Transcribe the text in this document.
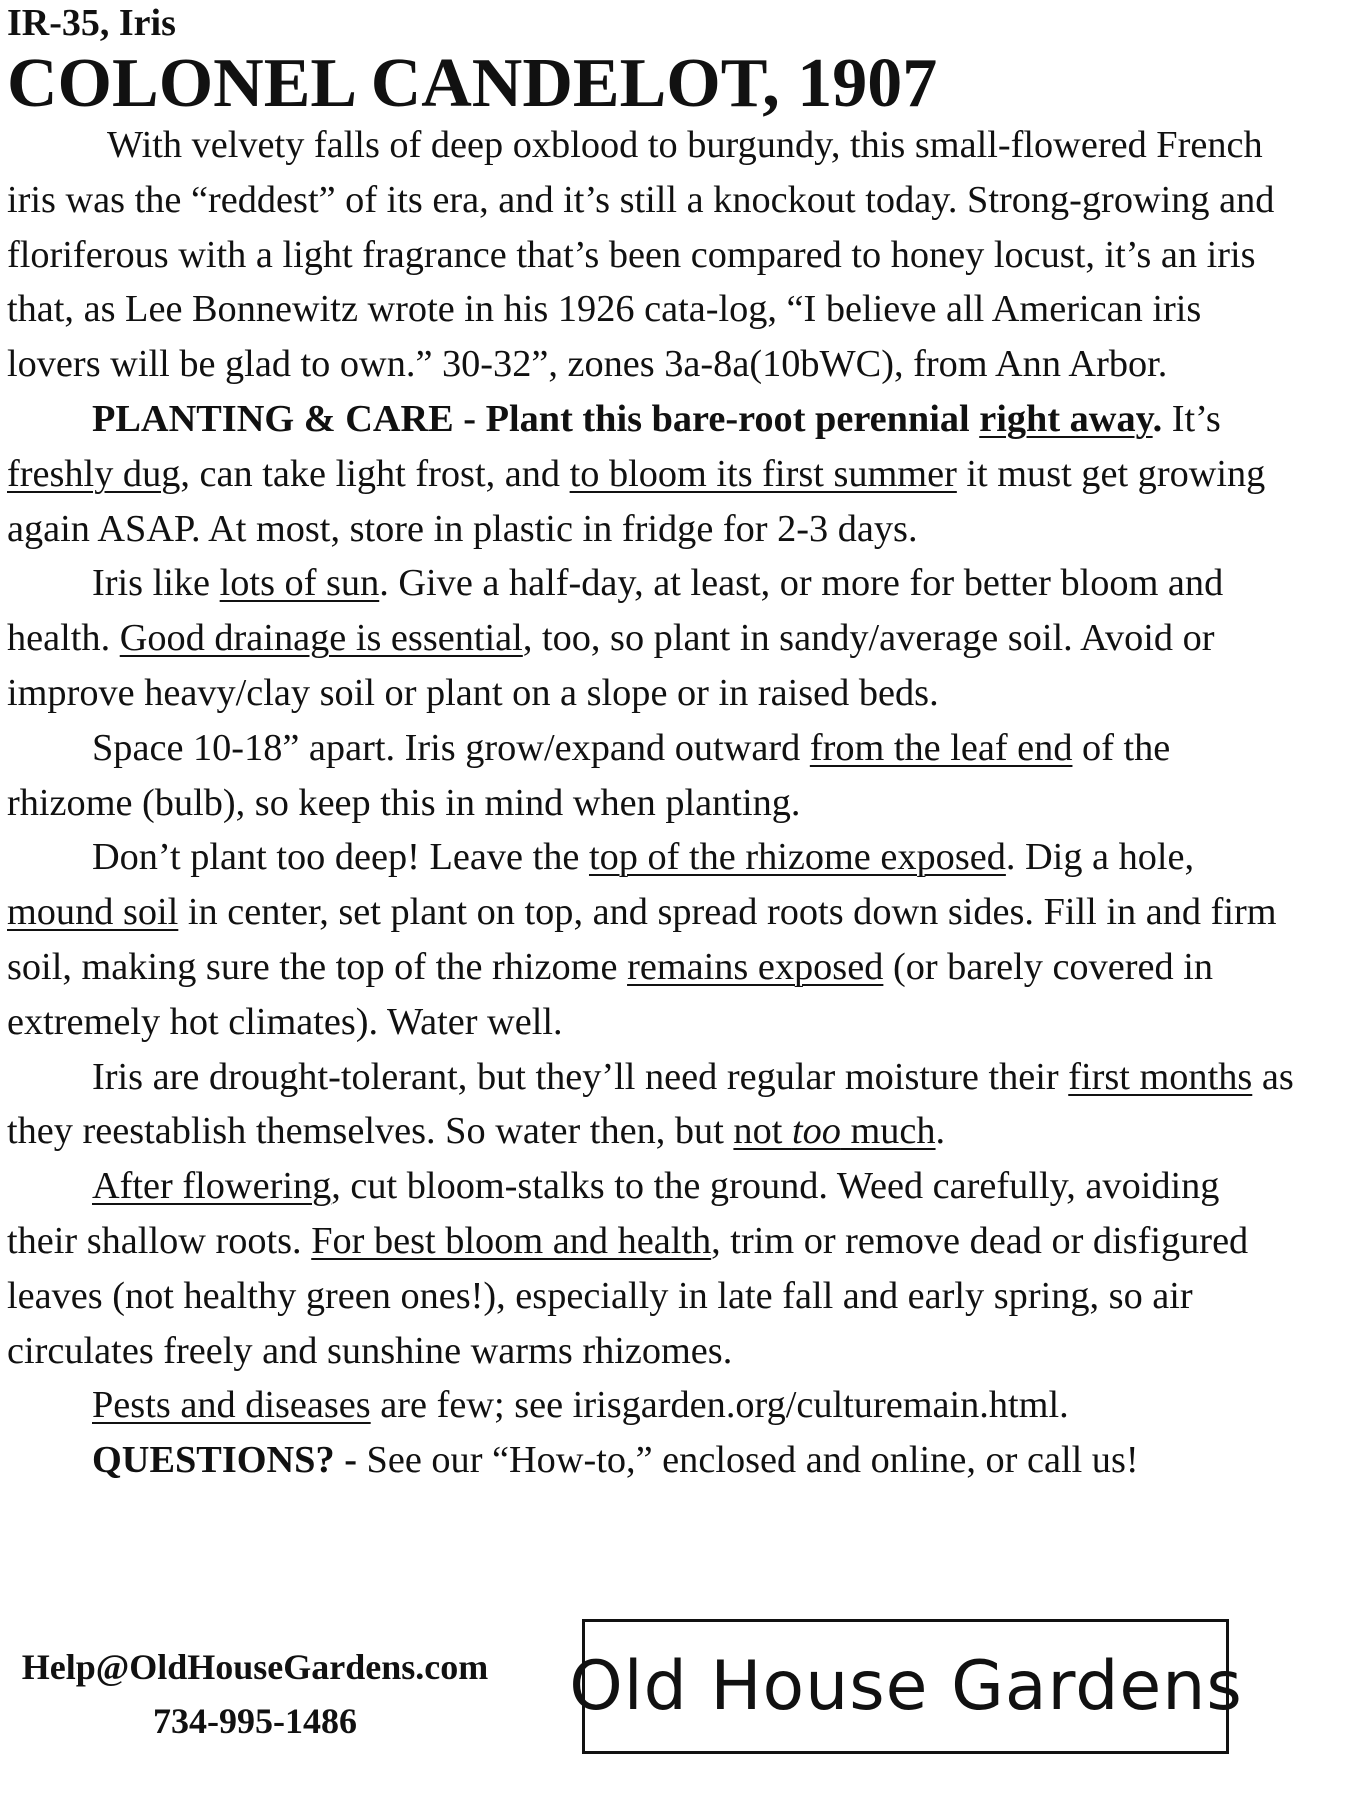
IR-35, Iris
COLONEL CANDELOT, 1907

With velvety falls of deep oxblood to burgundy, this small-flowered French iris was the “reddest” of its era, and it’s still a knockout today. Strong-growing and floriferous with a light fragrance that’s been compared to honey locust, it’s an iris that, as Lee Bonnewitz wrote in his 1926 cata-log, “I believe all American iris lovers will be glad to own.” 30-32”, zones 3a-8a(10bWC), from Ann Arbor.

PLANTING & CARE - Plant this bare-root perennial right away. It’s freshly dug, can take light frost, and to bloom its first summer it must get growing again ASAP. At most, store in plastic in fridge for 2-3 days.

Iris like lots of sun. Give a half-day, at least, or more for better bloom and health. Good drainage is essential, too, so plant in sandy/average soil. Avoid or improve heavy/clay soil or plant on a slope or in raised beds.

Space 10-18” apart. Iris grow/expand outward from the leaf end of the rhizome (bulb), so keep this in mind when planting.

Don’t plant too deep! Leave the top of the rhizome exposed. Dig a hole, mound soil in center, set plant on top, and spread roots down sides. Fill in and firm soil, making sure the top of the rhizome remains exposed (or barely covered in extremely hot climates). Water well.

Iris are drought-tolerant, but they’ll need regular moisture their first months as they reestablish themselves. So water then, but not too much.

After flowering, cut bloom-stalks to the ground. Weed carefully, avoiding their shallow roots. For best bloom and health, trim or remove dead or disfigured leaves (not healthy green ones!), especially in late fall and early spring, so air circulates freely and sunshine warms rhizomes.

Pests and diseases are few; see irisgarden.org/culturemain.html.

QUESTIONS? - See our “How-to,” enclosed and online, or call us!

Help@OldHouseGardens.com
734-995-1486	Old House Gardens
